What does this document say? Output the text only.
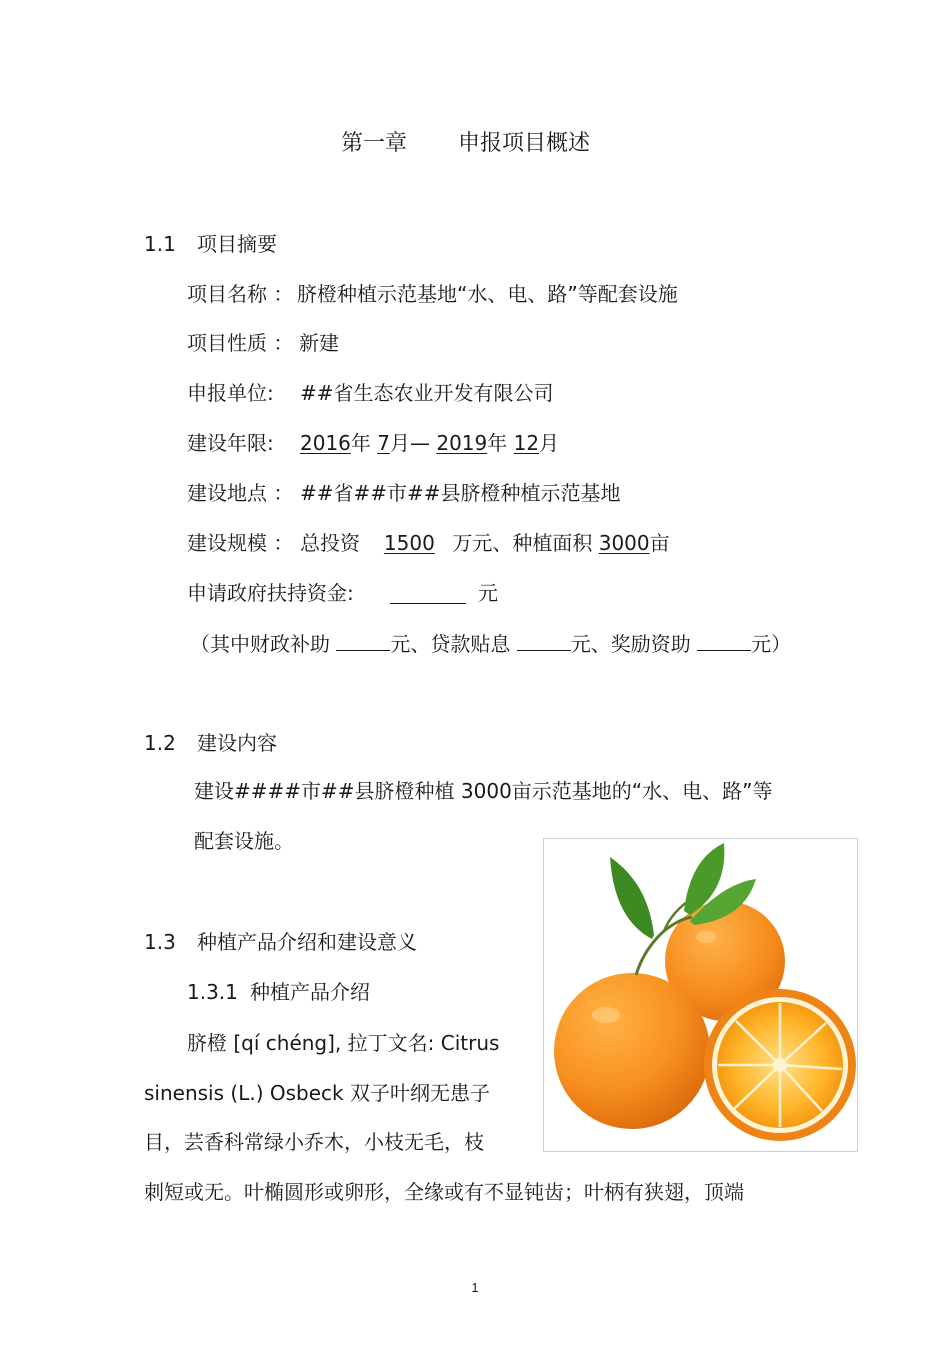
第一章 申报项目概述
1.1 项目摘要
项目名称 ： 脐橙种植示范基地“水、电、路”等配套设施
项目性质 ： 新建
申报单位: ##省生态农业开发有限公司
建设年限: 2016年 7月— 2019年 12月
建设地点 ： ##省##市##县脐橙种植示范基地
建设规模 ： 总投资 1500 万元、种植面积 3000亩
申请政府扶持资金:	元
（其中财政补助	元、贷款贴息	元、奖励资助	元）
1.2 建设内容
建设####市##县脐橙种植 3000亩示范基地的“水、电、路”等
配套设施。
1.3 种植产品介绍和建设意义
1.3.1 种植产品介绍
脐橙 [qí chéng], 拉丁文名: Citrus
sinensis (L.) Osbeck 双子叶纲无患子
目，芸香科常绿小乔木，小枝无毛，枝
刺短或无。叶椭圆形或卵形，全缘或有不显钝齿；叶柄有狭翅，顶端
1
